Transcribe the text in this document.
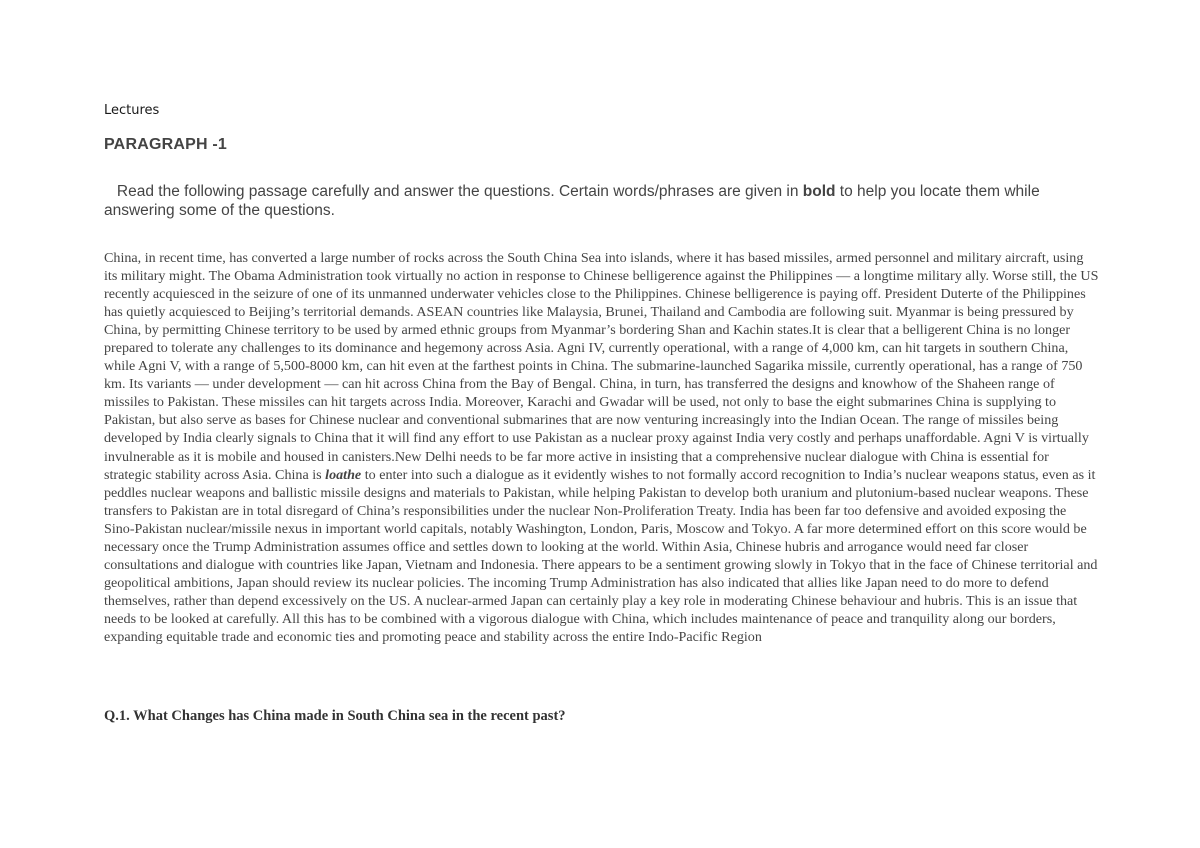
Lectures
PARAGRAPH -1
Read the following passage carefully and answer the questions. Certain words/phrases are given in bold to help you locate them while answering some of the questions.
China, in recent time, has converted a large number of rocks across the South China Sea into islands, where it has based missiles, armed personnel and military aircraft, using its military might. The Obama Administration took virtually no action in response to Chinese belligerence against the Philippines — a longtime military ally. Worse still, the US recently acquiesced in the seizure of one of its unmanned underwater vehicles close to the Philippines. Chinese belligerence is paying off. President Duterte of the Philippines has quietly acquiesced to Beijing’s territorial demands. ASEAN countries like Malaysia, Brunei, Thailand and Cambodia are following suit. Myanmar is being pressured by China, by permitting Chinese territory to be used by armed ethnic groups from Myanmar’s bordering Shan and Kachin states.It is clear that a belligerent China is no longer prepared to tolerate any challenges to its dominance and hegemony across Asia. Agni IV, currently operational, with a range of 4,000 km, can hit targets in southern China, while Agni V, with a range of 5,500-8000 km, can hit even at the farthest points in China. The submarine-launched Sagarika missile, currently operational, has a range of 750 km. Its variants — under development — can hit across China from the Bay of Bengal. China, in turn, has transferred the designs and knowhow of the Shaheen range of missiles to Pakistan. These missiles can hit targets across India. Moreover, Karachi and Gwadar will be used, not only to base the eight submarines China is supplying to Pakistan, but also serve as bases for Chinese nuclear and conventional submarines that are now venturing increasingly into the Indian Ocean. The range of missiles being developed by India clearly signals to China that it will find any effort to use Pakistan as a nuclear proxy against India very costly and perhaps unaffordable. Agni V is virtually invulnerable as it is mobile and housed in canisters.New Delhi needs to be far more active in insisting that a comprehensive nuclear dialogue with China is essential for strategic stability across Asia. China is loathe to enter into such a dialogue as it evidently wishes to not formally accord recognition to India’s nuclear weapons status, even as it peddles nuclear weapons and ballistic missile designs and materials to Pakistan, while helping Pakistan to develop both uranium and plutonium-based nuclear weapons. These transfers to Pakistan are in total disregard of China’s responsibilities under the nuclear Non-Proliferation Treaty. India has been far too defensive and avoided exposing the Sino-Pakistan nuclear/missile nexus in important world capitals, notably Washington, London, Paris, Moscow and Tokyo. A far more determined effort on this score would be necessary once the Trump Administration assumes office and settles down to looking at the world. Within Asia, Chinese hubris and arrogance would need far closer consultations and dialogue with countries like Japan, Vietnam and Indonesia. There appears to be a sentiment growing slowly in Tokyo that in the face of Chinese territorial and geopolitical ambitions, Japan should review its nuclear policies. The incoming Trump Administration has also indicated that allies like Japan need to do more to defend themselves, rather than depend excessively on the US. A nuclear-armed Japan can certainly play a key role in moderating Chinese behaviour and hubris. This is an issue that needs to be looked at carefully. All this has to be combined with a vigorous dialogue with China, which includes maintenance of peace and tranquility along our borders, expanding equitable trade and economic ties and promoting peace and stability across the entire Indo-Pacific Region
Q.1. What Changes has China made in South China sea in the recent past?
